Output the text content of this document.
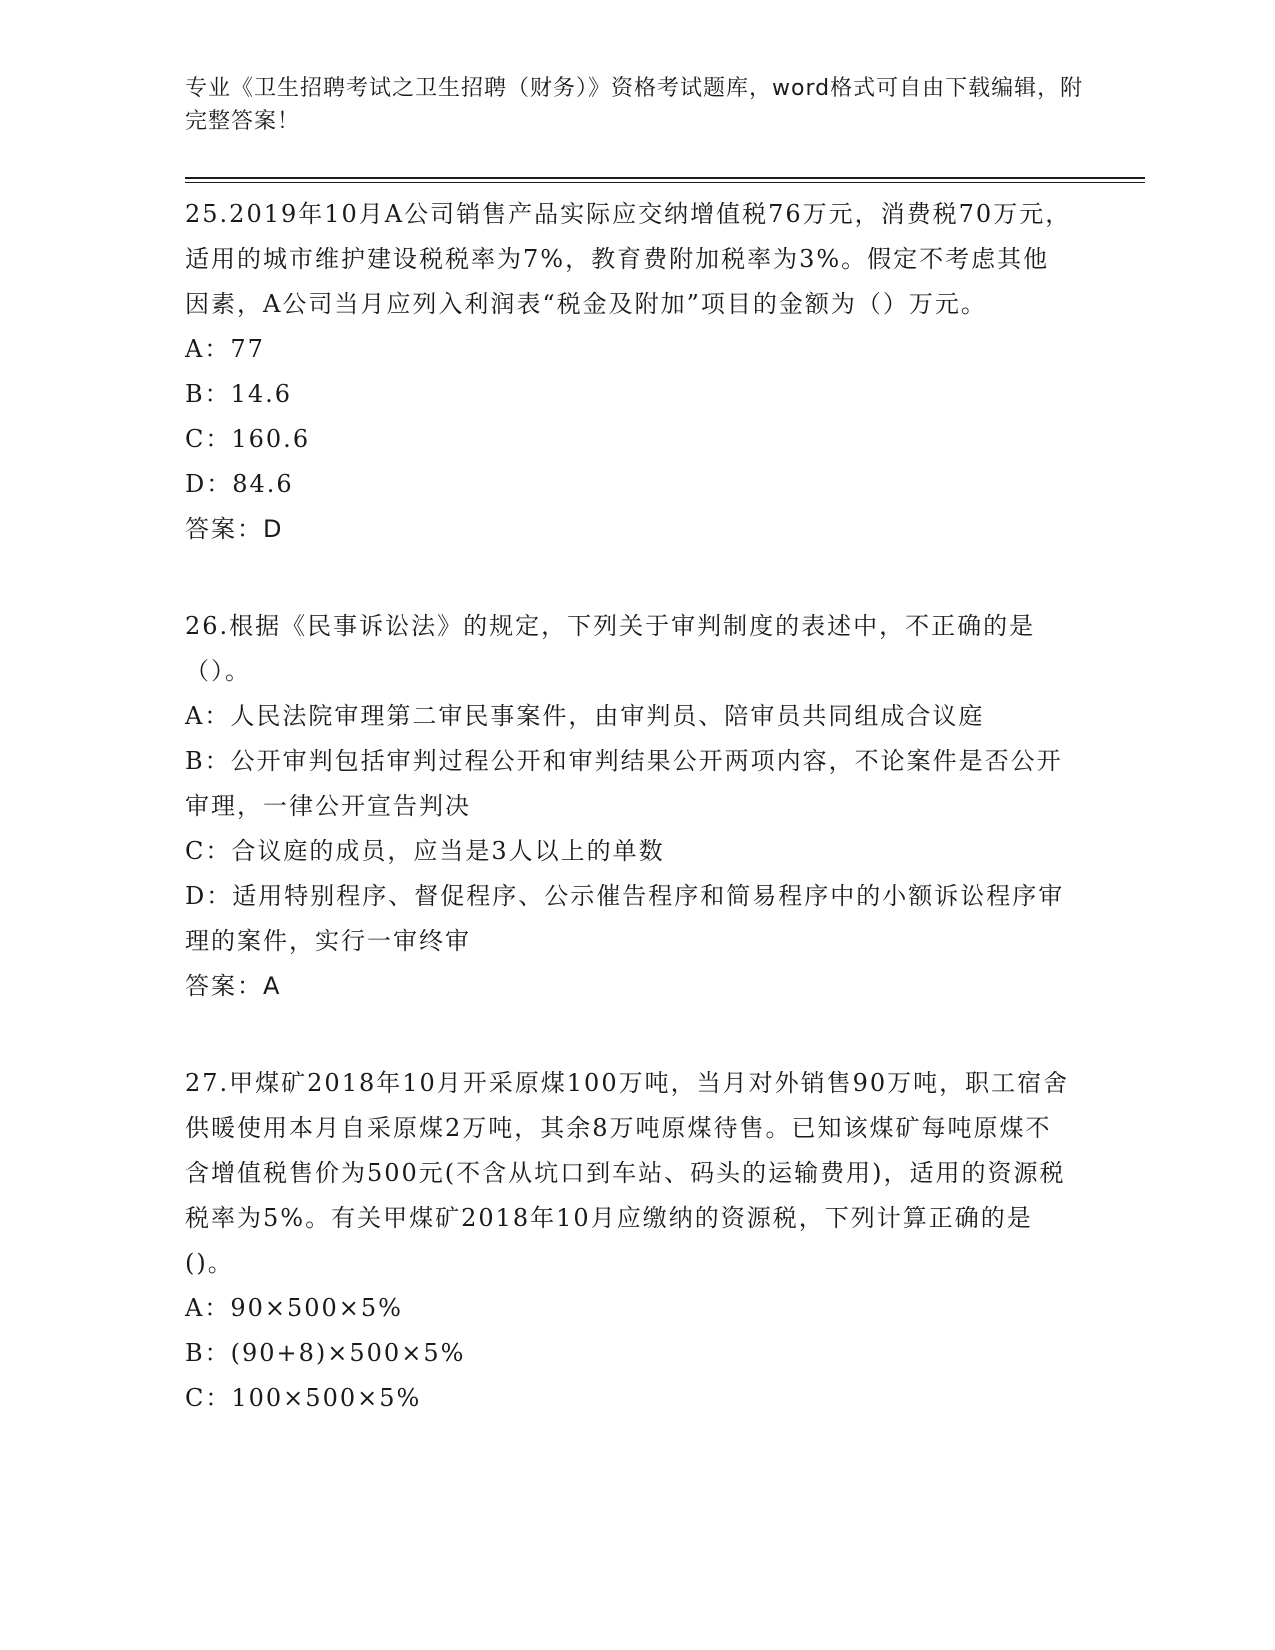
专业《卫生招聘考试之卫生招聘（财务）》资格考试题库，word格式可自由下载编辑，附完整答案！

25.2019年10月A公司销售产品实际应交纳增值税76万元，消费税70万元，适用的城市维护建设税税率为7%，教育费附加税率为3%。假定不考虑其他因素，A公司当月应列入利润表“税金及附加”项目的金额为（）万元。

A：77

B：14.6

C：160.6

D：84.6

答案：D

26.根据《民事诉讼法》的规定，下列关于审判制度的表述中，不正确的是（）。

A：人民法院审理第二审民事案件，由审判员、陪审员共同组成合议庭

B：公开审判包括审判过程公开和审判结果公开两项内容，不论案件是否公开审理，一律公开宣告判决

C：合议庭的成员，应当是3人以上的单数

D：适用特别程序、督促程序、公示催告程序和简易程序中的小额诉讼程序审理的案件，实行一审终审

答案：A

27.甲煤矿2018年10月开采原煤100万吨，当月对外销售90万吨，职工宿舍供暖使用本月自采原煤2万吨，其余8万吨原煤待售。已知该煤矿每吨原煤不含增值税售价为500元(不含从坑口到车站、码头的运输费用)，适用的资源税税率为5%。有关甲煤矿2018年10月应缴纳的资源税，下列计算正确的是()。

A：90×500×5%

B：(90+8)×500×5%

C：100×500×5%
